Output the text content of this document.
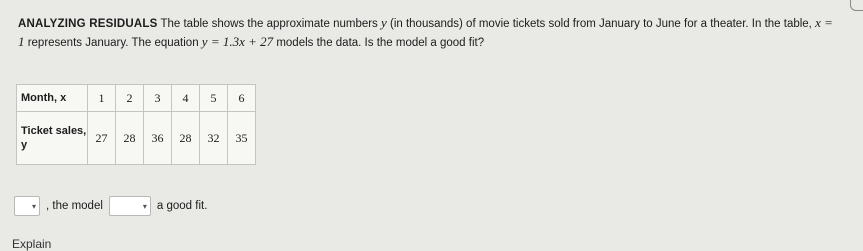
ANALYZING RESIDUALS The table shows the approximate numbers y (in thousands) of movie tickets sold from January to June for a theater. In the table, x = 1 represents January. The equation y = 1.3x + 27 models the data. Is the model a good fit?
Month, x	1	2	3	4	5	6
Ticket sales, y	27	28	36	28	32	35
▾ , the model	▾ a good fit.
Explain
